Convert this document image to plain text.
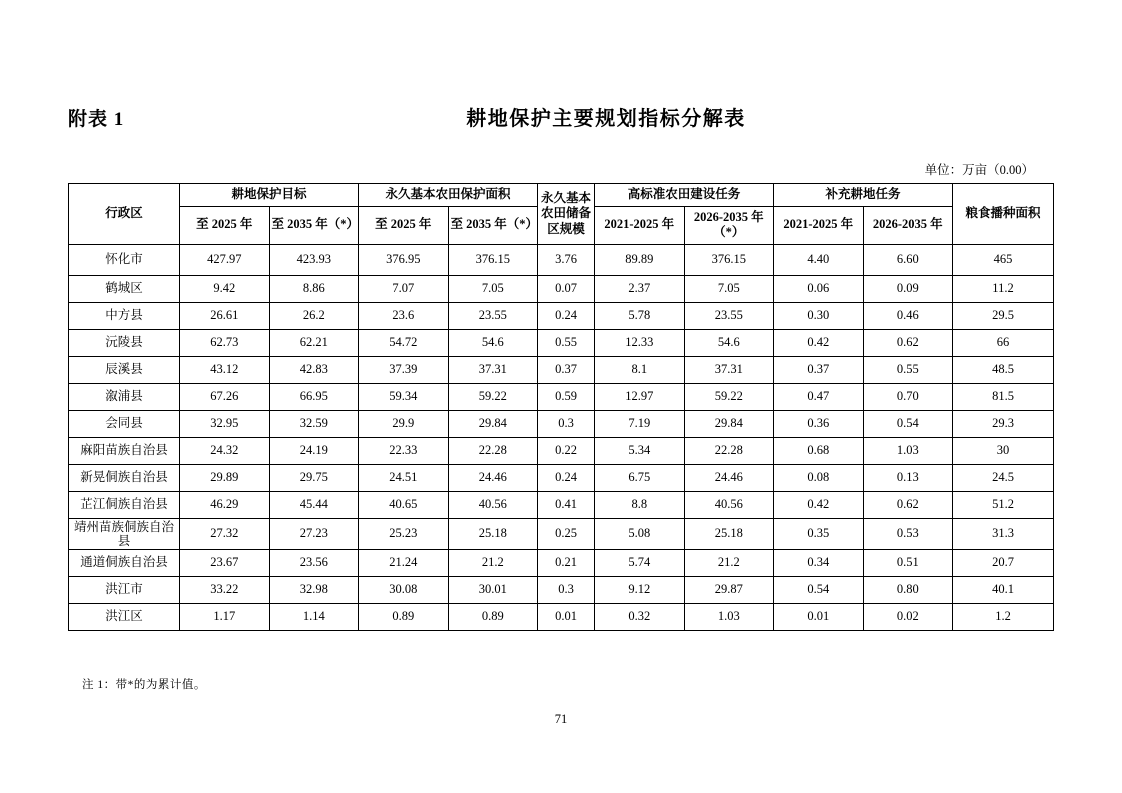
附表 1	耕地保护主要规划指标分解表
单位：万亩（0.00）
行政区	耕地保护目标		永久基本农田保护面积		永久基本农田储备区规模	高标准农田建设任务		补充耕地任务		粮食播种面积
	至 2025 年	至 2035 年（*）	至 2025 年	至 2035 年（*）		2021-2025 年	2026-2035 年（*）	2021-2025 年	2026-2035 年	
怀化市	427.97	423.93	376.95	376.15	3.76	89.89	376.15	4.40	6.60	465
鹤城区	9.42	8.86	7.07	7.05	0.07	2.37	7.05	0.06	0.09	11.2
中方县	26.61	26.2	23.6	23.55	0.24	5.78	23.55	0.30	0.46	29.5
沅陵县	62.73	62.21	54.72	54.6	0.55	12.33	54.6	0.42	0.62	66
辰溪县	43.12	42.83	37.39	37.31	0.37	8.1	37.31	0.37	0.55	48.5
溆浦县	67.26	66.95	59.34	59.22	0.59	12.97	59.22	0.47	0.70	81.5
会同县	32.95	32.59	29.9	29.84	0.3	7.19	29.84	0.36	0.54	29.3
麻阳苗族自治县	24.32	24.19	22.33	22.28	0.22	5.34	22.28	0.68	1.03	30
新晃侗族自治县	29.89	29.75	24.51	24.46	0.24	6.75	24.46	0.08	0.13	24.5
芷江侗族自治县	46.29	45.44	40.65	40.56	0.41	8.8	40.56	0.42	0.62	51.2
靖州苗族侗族自治县	27.32	27.23	25.23	25.18	0.25	5.08	25.18	0.35	0.53	31.3
通道侗族自治县	23.67	23.56	21.24	21.2	0.21	5.74	21.2	0.34	0.51	20.7
洪江市	33.22	32.98	30.08	30.01	0.3	9.12	29.87	0.54	0.80	40.1
洪江区	1.17	1.14	0.89	0.89	0.01	0.32	1.03	0.01	0.02	1.2
注 1：带*的为累计值。
71
